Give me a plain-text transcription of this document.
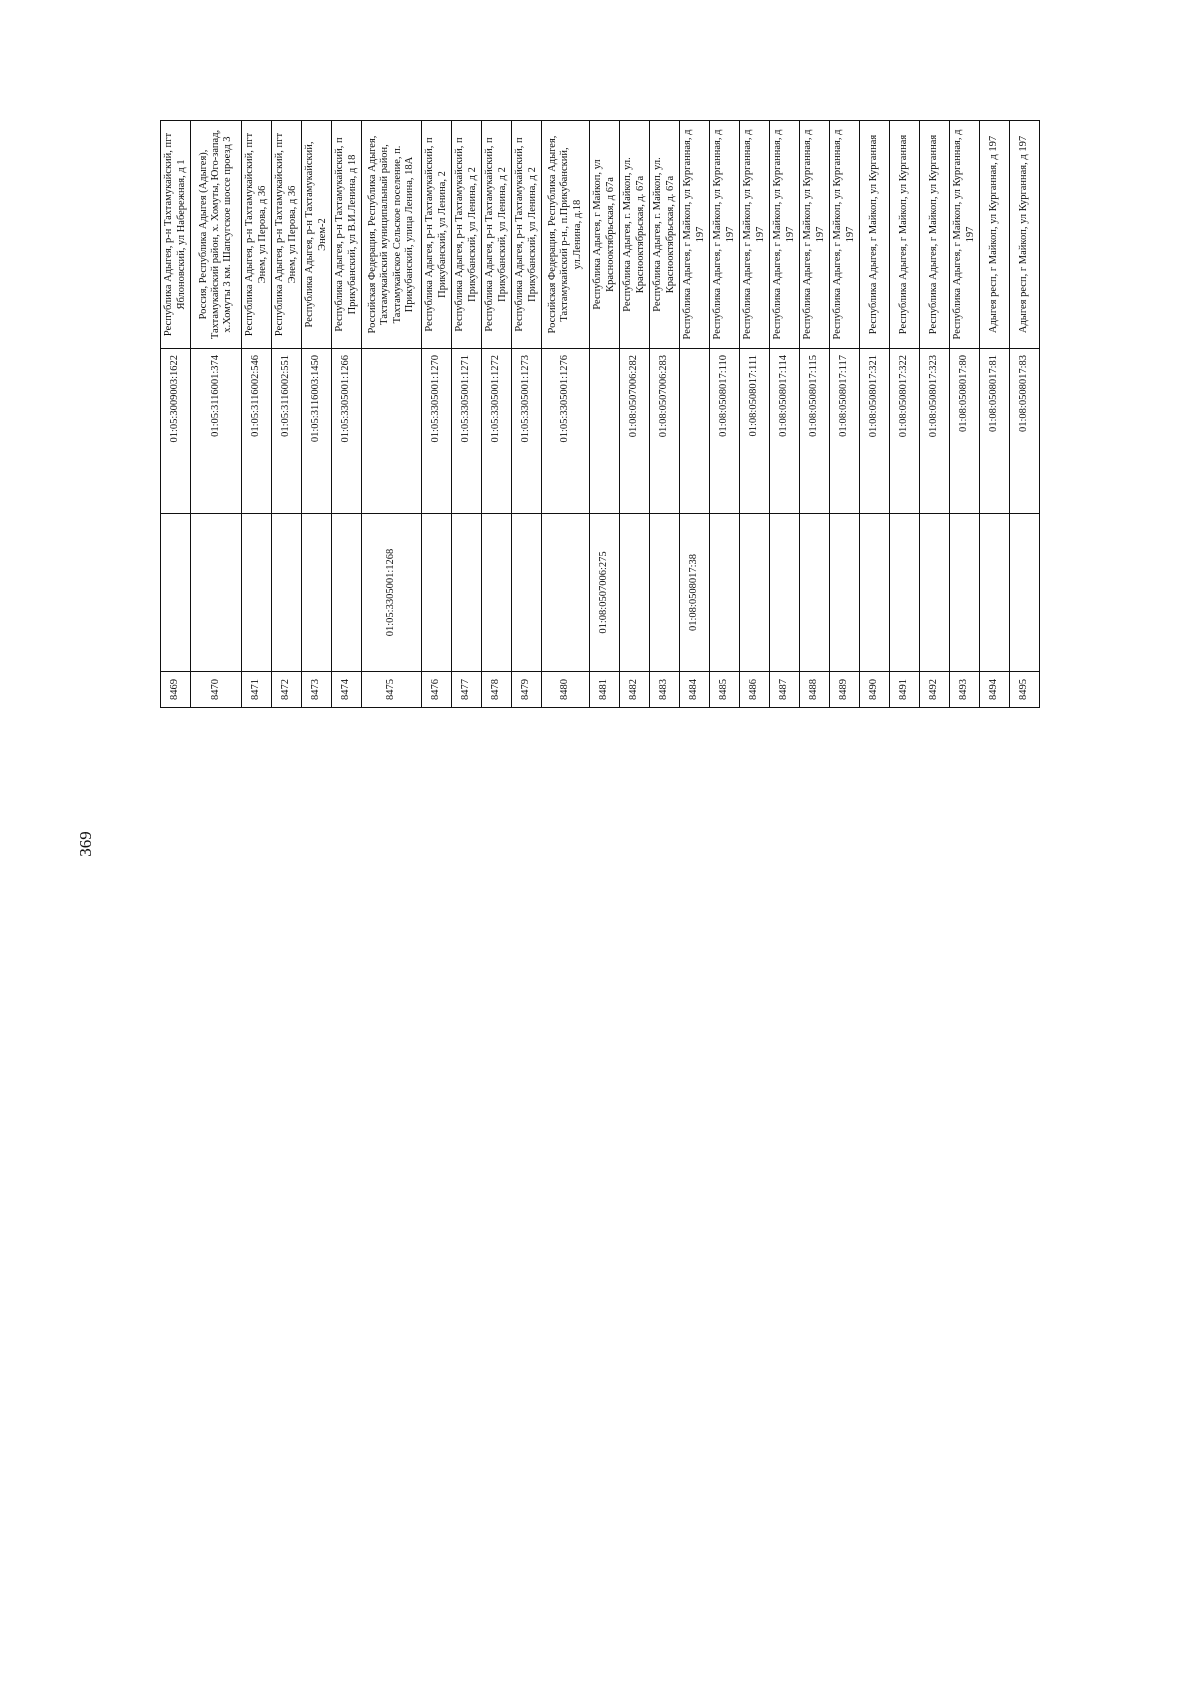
369
8469		01:05:3009003:1622	Республика Адыгея, р-н Тахтамукайский, пгт Яблоновский, ул Набережная, д 1
8470		01:05:3116001:374	Россия, Республика Адыгея (Адыгея), Тахтамукайский район, х. Хомуты, Юго-запад, х.Хомуты 3 км. Шапсугское шоссе проезд 3
8471		01:05:3116002:546	Республика Адыгея, р-н Тахтамукайский, пгт Энем, ул Перова, д 36
8472		01:05:3116002:551	Республика Адыгея, р-н Тахтамукайский, пгт Энем, ул Перова, д 36
8473		01:05:3116003:1450	Республика Адыгея, р-н Тахтамукайский, Энем-2
8474		01:05:3305001:1266	Республика Адыгея, р-н Тахтамукайский, п Прикубанский, ул В.И.Ленина, д 18
8475	01:05:3305001:1268		Российская Федерация, Республика Адыгея, Тахтамукайский муниципальный район, Тахтамукайское Сельское поселение, п. Прикубанский, улица Ленина, 18А
8476		01:05:3305001:1270	Республика Адыгея, р-н Тахтамукайский, п Прикубанский, ул Ленина, 2
8477		01:05:3305001:1271	Республика Адыгея, р-н Тахтамукайский, п Прикубанский, ул Ленина, д 2
8478		01:05:3305001:1272	Республика Адыгея, р-н Тахтамукайский, п Прикубанский, ул Ленина, д 2
8479		01:05:3305001:1273	Республика Адыгея, р-н Тахтамукайский, п Прикубанский, ул Ленина, д 2
8480		01:05:3305001:1276	Российская Федерация, Республика Адыгея, Тахтамукайский р-н., п.Прикубанский, ул.Ленина, д.18
8481	01:08:0507006:275		Республика Адыгея, г Майкоп, ул Краснооктябрьская, д 67а
8482		01:08:0507006:282	Республика Адыгея, г. Майкоп, ул. Краснооктябрьская, д. 67а
8483		01:08:0507006:283	Республика Адыгея, г. Майкоп, ул. Краснооктябрьская, д. 67а
8484	01:08:0508017:38		Республика Адыгея, г Майкоп, ул Курганная, д 197
8485		01:08:0508017:110	Республика Адыгея, г Майкоп, ул Курганная, д 197
8486		01:08:0508017:111	Республика Адыгея, г Майкоп, ул Курганная, д 197
8487		01:08:0508017:114	Республика Адыгея, г Майкоп, ул Курганная, д 197
8488		01:08:0508017:115	Республика Адыгея, г Майкоп, ул Курганная, д 197
8489		01:08:0508017:117	Республика Адыгея, г Майкоп, ул Курганная, д 197
8490		01:08:0508017:321	Республика Адыгея, г Майкоп, ул Курганная
8491		01:08:0508017:322	Республика Адыгея, г Майкоп, ул Курганная
8492		01:08:0508017:323	Республика Адыгея, г Майкоп, ул Курганная
8493		01:08:0508017:80	Республика Адыгея, г Майкоп, ул Курганная, д 197
8494		01:08:0508017:81	Адыгея респ, г Майкоп, ул Курганная, д 197
8495		01:08:0508017:83	Адыгея респ, г Майкоп, ул Курганная, д 197
